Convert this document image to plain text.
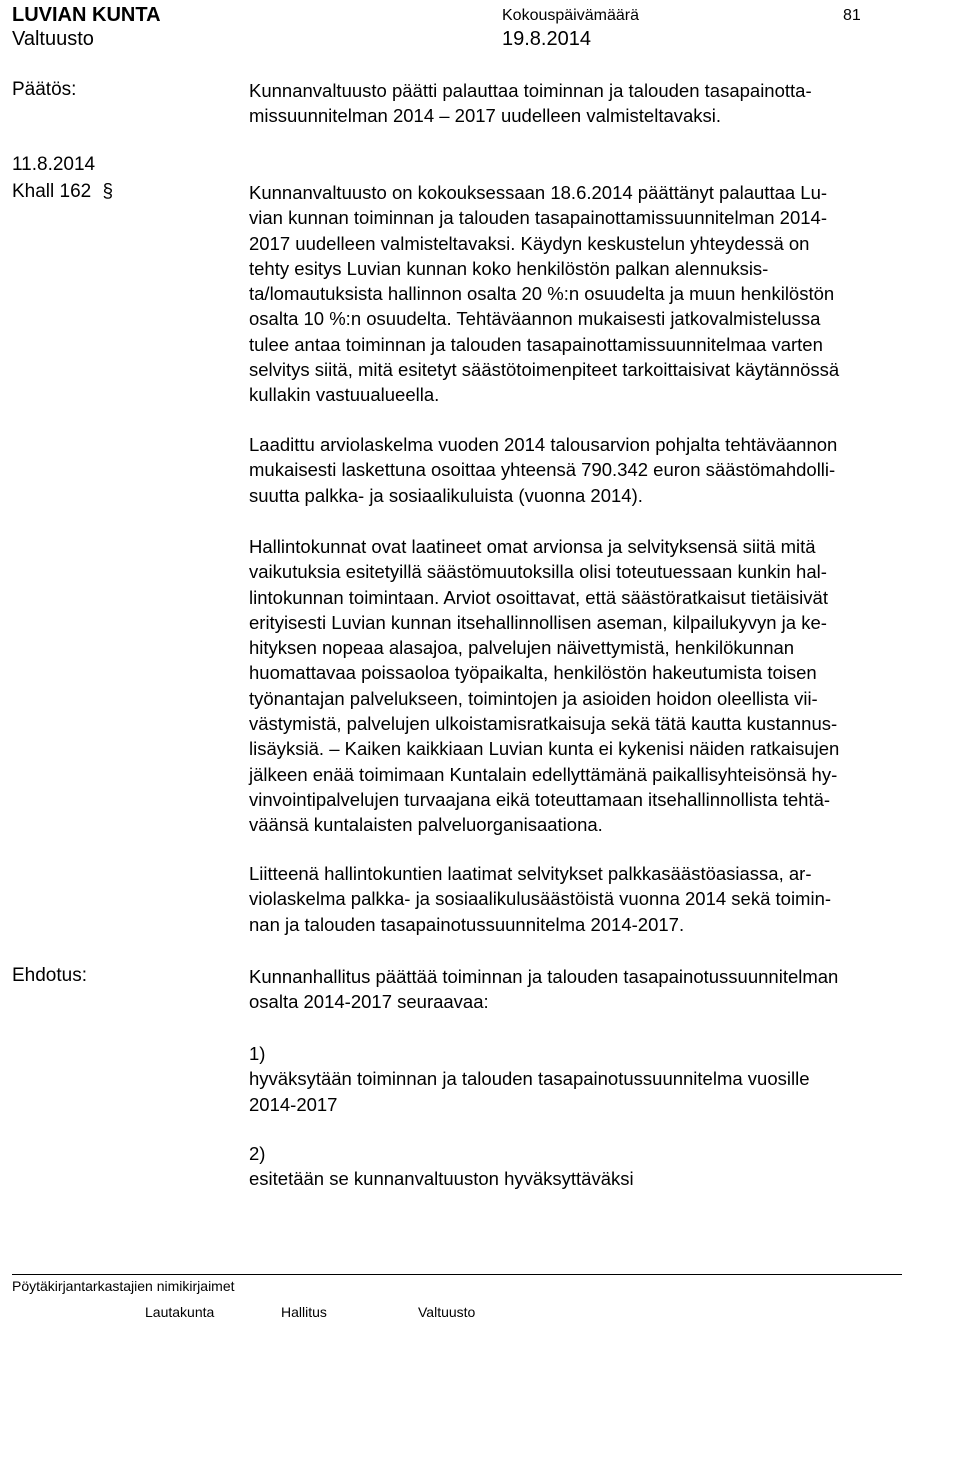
LUVIAN KUNTA
Valtuusto
Kokouspäivämäärä
19.8.2014
81
Päätös:
11.8.2014
Khall 162 §
Ehdotus:
Kunnanvaltuusto päätti palauttaa toiminnan ja talouden tasapainotta-
missuunnitelman 2014 – 2017 uudelleen valmisteltavaksi.
Kunnanvaltuusto on kokouksessaan 18.6.2014 päättänyt palauttaa Lu-
vian kunnan toiminnan ja talouden tasapainottamissuunnitelman 2014-
2017 uudelleen valmisteltavaksi. Käydyn keskustelun yhteydessä on
tehty esitys Luvian kunnan koko henkilöstön palkan alennuksis-
ta/lomautuksista hallinnon osalta 20 %:n osuudelta ja muun henkilöstön
osalta 10 %:n osuudelta. Tehtäväannon mukaisesti jatkovalmistelussa
tulee antaa toiminnan ja talouden tasapainottamissuunnitelmaa varten
selvitys siitä, mitä esitetyt säästötoimenpiteet tarkoittaisivat käytännössä
kullakin vastuualueella.
Laadittu arviolaskelma vuoden 2014 talousarvion pohjalta tehtäväannon
mukaisesti laskettuna osoittaa yhteensä 790.342 euron säästömahdolli-
suutta palkka- ja sosiaalikuluista (vuonna 2014).
Hallintokunnat ovat laatineet omat arvionsa ja selvityksensä siitä mitä
vaikutuksia esitetyillä säästömuutoksilla olisi toteutuessaan kunkin hal-
lintokunnan toimintaan. Arviot osoittavat, että säästöratkaisut tietäisivät
erityisesti Luvian kunnan itsehallinnollisen aseman, kilpailukyvyn ja ke-
hityksen nopeaa alasajoa, palvelujen näivettymistä, henkilökunnan
huomattavaa poissaoloa työpaikalta, henkilöstön hakeutumista toisen
työnantajan palvelukseen, toimintojen ja asioiden hoidon oleellista vii-
västymistä, palvelujen ulkoistamisratkaisuja sekä tätä kautta kustannus-
lisäyksiä. – Kaiken kaikkiaan Luvian kunta ei kykenisi näiden ratkaisujen
jälkeen enää toimimaan Kuntalain edellyttämänä paikallisyhteisönsä hy-
vinvointipalvelujen turvaajana eikä toteuttamaan itsehallinnollista tehtä-
väänsä kuntalaisten palveluorganisaationa.
Liitteenä hallintokuntien laatimat selvitykset palkkasäästöasiassa, ar-
violaskelma palkka- ja sosiaalikulusäästöistä vuonna 2014 sekä toimin-
nan ja talouden tasapainotussuunnitelma 2014-2017.
Kunnanhallitus päättää toiminnan ja talouden tasapainotussuunnitelman
osalta 2014-2017 seuraavaa:
1)
hyväksytään toiminnan ja talouden tasapainotussuunnitelma vuosille
2014-2017
2)
esitetään se kunnanvaltuuston hyväksyttäväksi
Pöytäkirjantarkastajien nimikirjaimet
Lautakunta	Hallitus	Valtuusto
